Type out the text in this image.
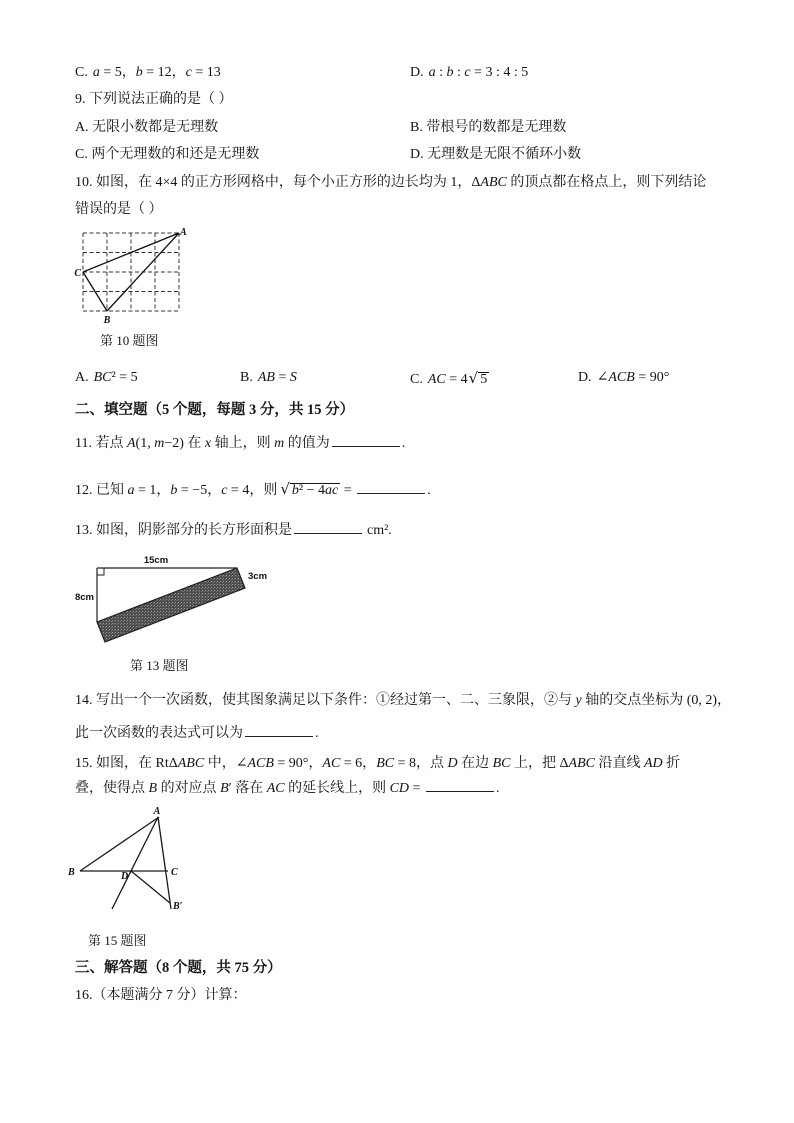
C. a = 5，b = 12，c = 13	D. a : b : c = 3 : 4 : 5
9. 下列说法正确的是（ ）
A. 无限小数都是无理数	B. 带根号的数都是无理数
C. 两个无理数的和还是无理数	D. 无理数是无限不循环小数
10. 如图，在 4×4 的正方形网格中，每个小正方形的边长均为 1，ΔABC 的顶点都在格点上，则下列结论
错误的是（ ）
A
C
B
第 10 题图
A. BC² = 5	B. AB = S	C. AC = 4√ 5	D. ∠ACB = 90°
二、填空题（5 个题，每题 3 分，共 15 分）
11. 若点 A(1, m−2) 在 x 轴上，则 m 的值为	.
12. 已知 a = 1，b = −5，c = 4，则 √ b² − 4ac =	.
13. 如图，阴影部分的长方形面积是	cm².
15cm
8cm
3cm
第 13 题图
14. 写出一个一次函数，使其图象满足以下条件：①经过第一、二、三象限，②与 y 轴的交点坐标为 (0, 2)，
此一次函数的表达式可以为	.
15. 如图，在 RtΔABC 中，∠ACB = 90°，AC = 6，BC = 8，点 D 在边 BC 上，把 ΔABC 沿直线 AD 折
叠，使得点 B 的对应点 B′ 落在 AC 的延长线上，则 CD =	.
A
B	C
D
B′
第 15 题图
三、解答题（8 个题，共 75 分）
16.（本题满分 7 分）计算：
